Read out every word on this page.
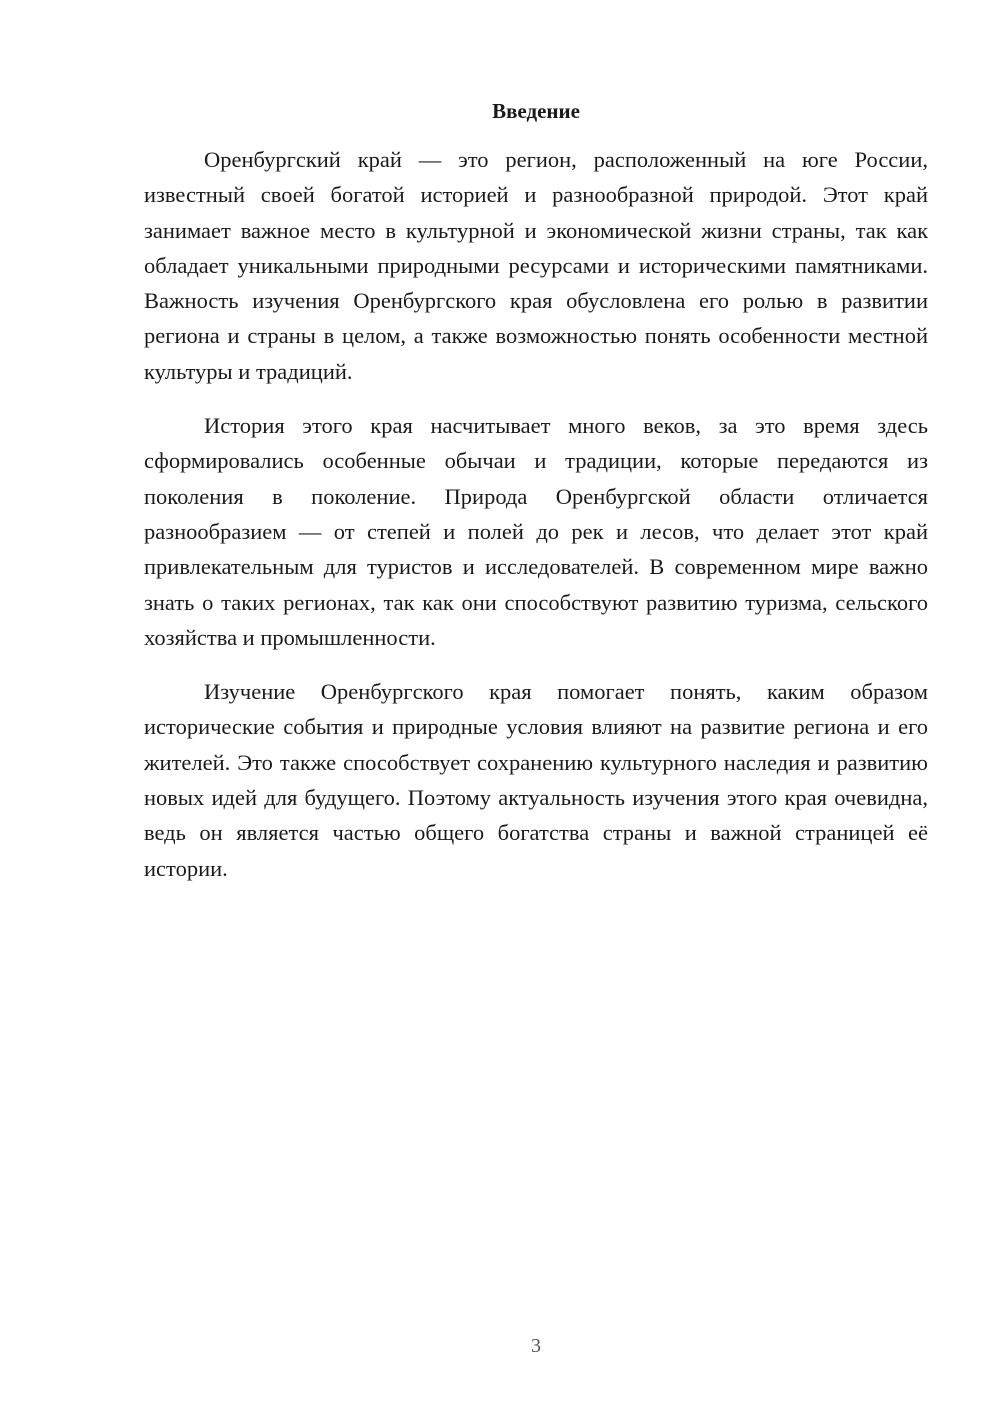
Введение

Оренбургский край — это регион, расположенный на юге России, известный своей богатой историей и разнообразной природой. Этот край занимает важное место в культурной и экономической жизни страны, так как обладает уникальными природными ресурсами и историческими памятниками. Важность изучения Оренбургского края обусловлена его ролью в развитии региона и страны в целом, а также возможностью понять особенности местной культуры и традиций.

История этого края насчитывает много веков, за это время здесь сформировались особенные обычаи и традиции, которые передаются из поколения в поколение. Природа Оренбургской области отличается разнообразием — от степей и полей до рек и лесов, что делает этот край привлекательным для туристов и исследователей. В современном мире важно знать о таких регионах, так как они способствуют развитию туризма, сельского хозяйства и промышленности.

Изучение Оренбургского края помогает понять, каким образом исторические события и природные условия влияют на развитие региона и его жителей. Это также способствует сохранению культурного наследия и развитию новых идей для будущего. Поэтому актуальность изучения этого края очевидна, ведь он является частью общего богатства страны и важной страницей её истории.

3
